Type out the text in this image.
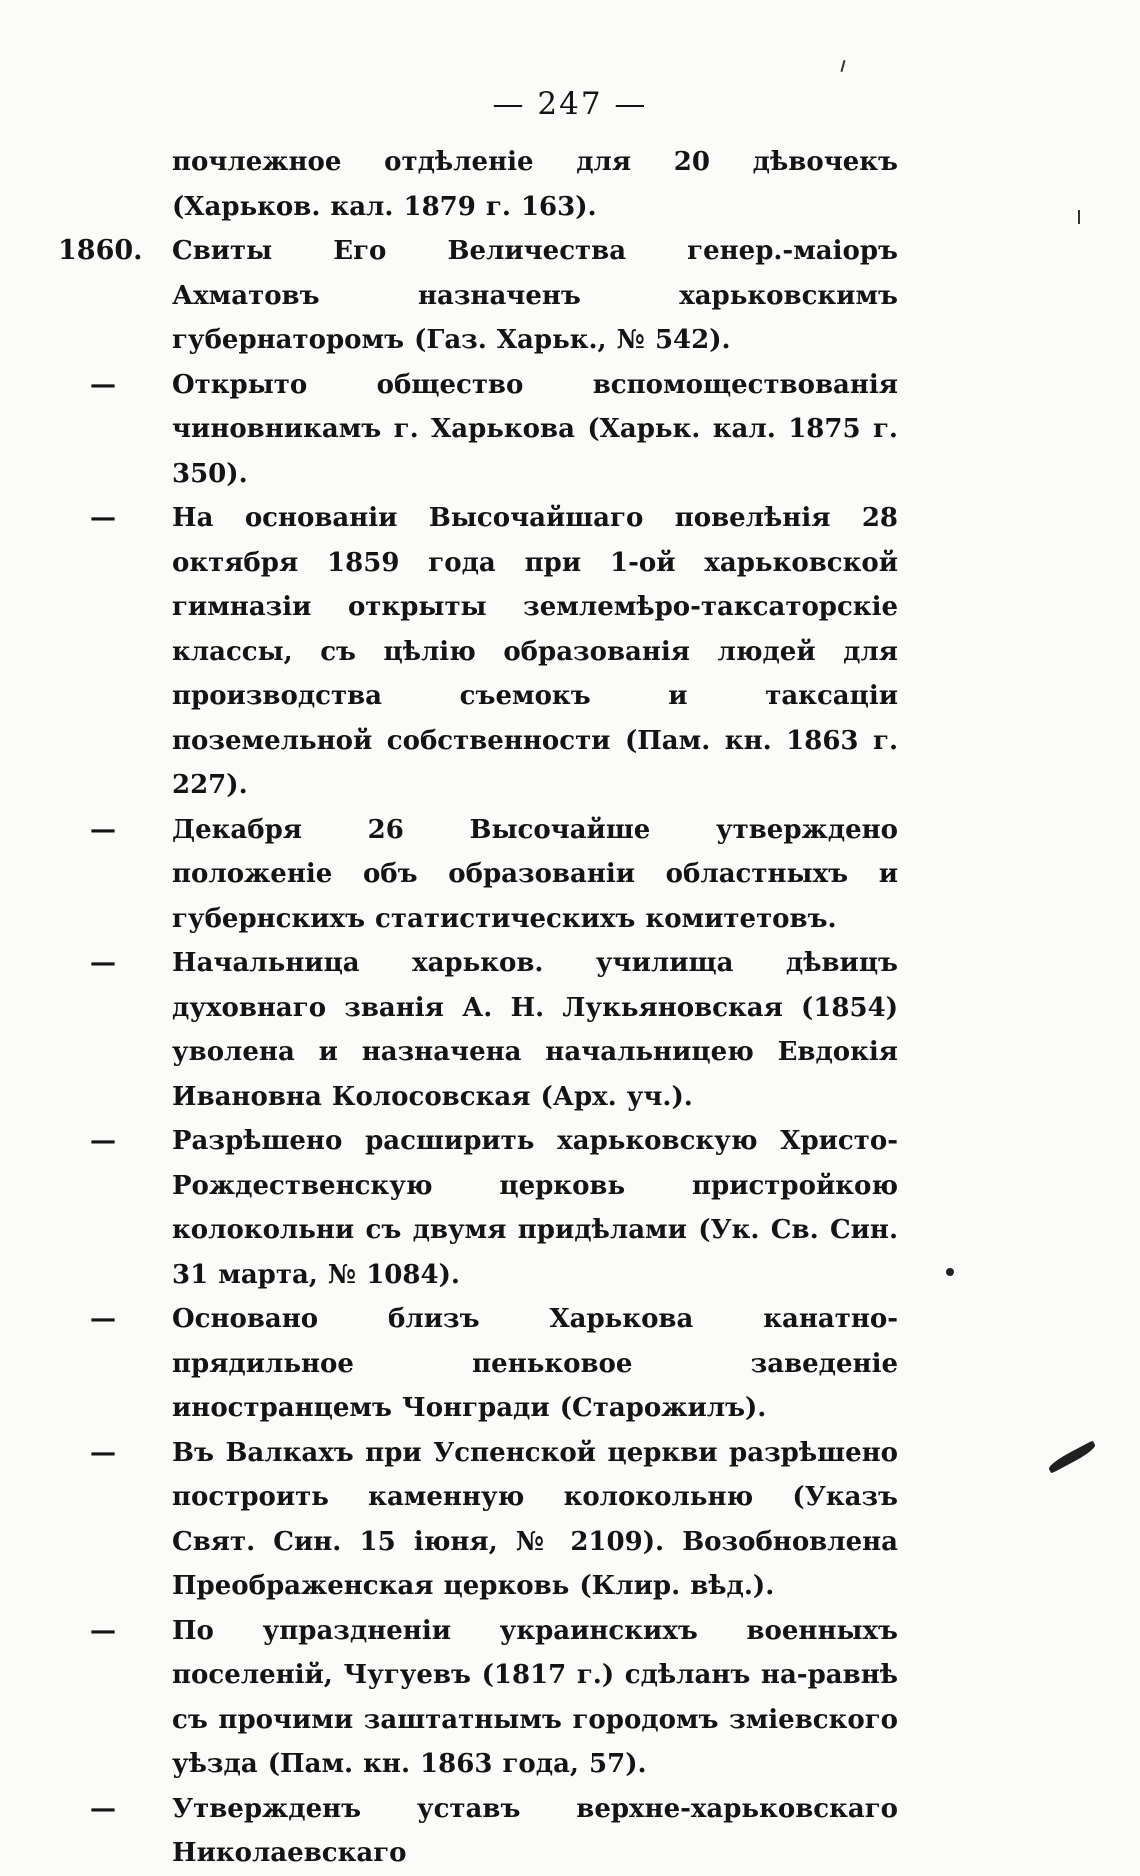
— 247 —
почлежное отдѣленіе для 20 дѣвочекъ (Харьков. кал. 1879 г. 163).
1860.	Свиты Его Величества генер.-маіоръ Ахматовъ назначенъ харьковскимъ губернаторомъ (Газ. Харьк., № 542).
—	Открыто общество вспомоществованія чиновникамъ г. Харькова (Харьк. кал. 1875 г. 350).
—	На основаніи Высочайшаго повелѣнія 28 октября 1859 года при 1-ой харьковской гимназіи открыты землемѣро-таксаторскіе классы, съ цѣлію образованія людей для производства съемокъ и таксаціи поземельной собственности (Пам. кн. 1863 г. 227).
—	Декабря 26 Высочайше утверждено положеніе объ образованіи областныхъ и губернскихъ статистическихъ комитетовъ.
—	Начальница харьков. училища дѣвицъ духовнаго званія А. Н. Лукьяновская (1854) уволена и назначена начальницею Евдокія Ивановна Колосовская (Арх. уч.).
—	Разрѣшено расширить харьковскую Христо-Рождественскую церковь пристройкою колокольни съ двумя придѣлами (Ук. Св. Син. 31 марта, № 1084).
—	Основано близъ Харькова канатно-прядильное пеньковое заведеніе иностранцемъ Чонгради (Старожилъ).
—	Въ Валкахъ при Успенской церкви разрѣшено построить каменную колокольню (Указъ Свят. Син. 15 іюня, № 2109). Возобновлена Преображенская церковь (Клир. вѣд.).
—	По упраздненіи украинскихъ военныхъ поселеній, Чугуевъ (1817 г.) сдѣланъ на-равнѣ съ прочими заштатнымъ городомъ зміевского уѣзда (Пам. кн. 1863 года, 57).
—	Утвержденъ уставъ верхне-харьковскаго Николаевскаго
